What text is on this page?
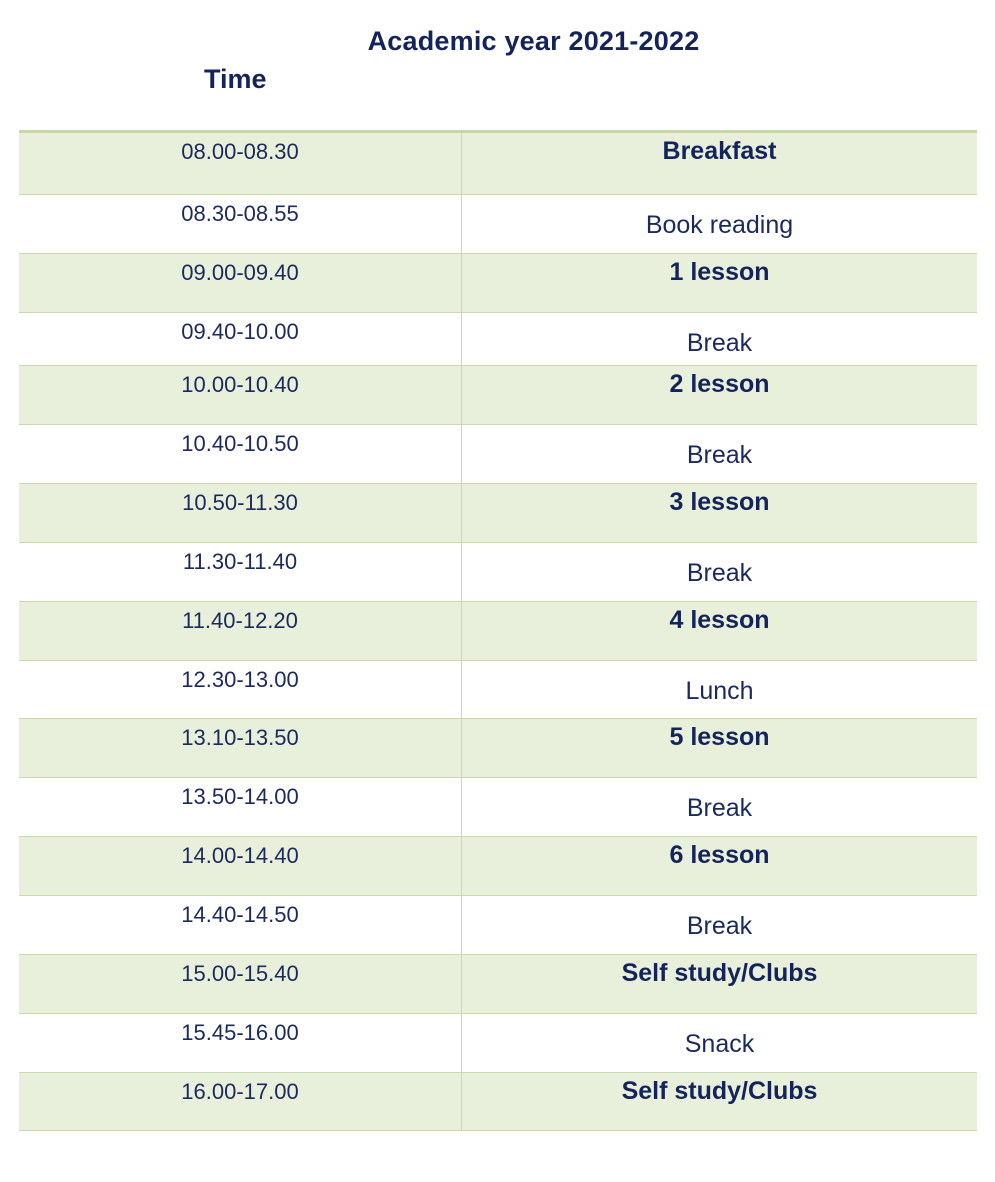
Academic year 2021-2022
Time
08.00-08.30	Breakfast
08.30-08.55	Book reading
09.00-09.40	1 lesson
09.40-10.00	Break
10.00-10.40	2 lesson
10.40-10.50	Break
10.50-11.30	3 lesson
11.30-11.40	Break
11.40-12.20	4 lesson
12.30-13.00	Lunch
13.10-13.50	5 lesson
13.50-14.00	Break
14.00-14.40	6 lesson
14.40-14.50	Break
15.00-15.40	Self study/Clubs
15.45-16.00	Snack
16.00-17.00	Self study/Clubs
